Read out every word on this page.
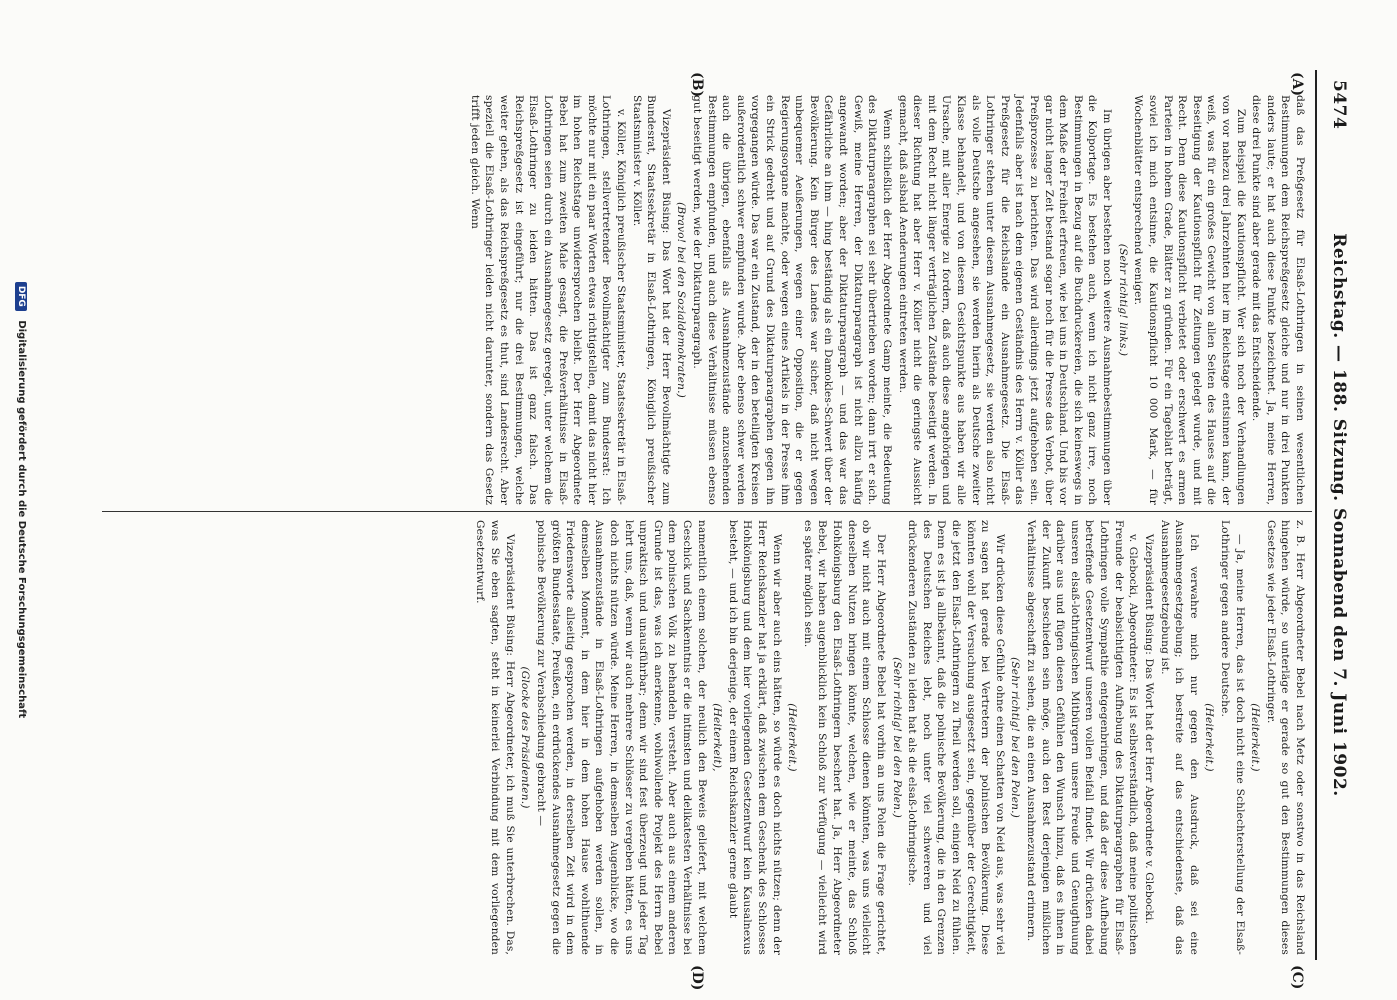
5474
Reichstag. — 188. Sitzung. Sonnabend den 7. Juni 1902.
(A)
(B)
(C)
(D)

daß das Preßgesetz für Elsaß-Lothringen in seinen wesentlichen Bestimmungen dem Reichspreßgesetz gleiche und nur in drei Punkten anders laute; er hat auch diese Punkte bezeichnet. Ja, meine Herren, diese drei Punkte sind aber gerade mit das Entscheidende.

Zum Beispiel die Kautionspflicht. Wer sich noch der Verhandlungen von vor nahezu drei Jahrzehnten hier im Reichstage entsinnen kann, der weiß, was für ein großes Gewicht von allen Seiten des Hauses auf die Beseitigung der Kautionspflicht für Zeitungen gelegt wurde, und mit Recht. Denn diese Kautionspflicht verbietet oder erschwert es armen Parteien in hohem Grade, Blätter zu gründen. Für ein Tageblatt beträgt, soviel ich mich entsinne, die Kautionspflicht 10 000 Mark, — für Wochenblätter entsprechend weniger.

(Sehr richtig! links.)

Im übrigen aber bestehen noch weitere Ausnahmebestimmungen über die Kolportage. Es bestehen auch, wenn ich nicht ganz irre, noch Bestimmungen in Bezug auf die Buchdruckereien, die sich keineswegs in dem Maße der Freiheit erfreuen, wie bei uns in Deutschland. Und bis vor gar nicht langer Zeit bestand sogar noch für die Presse das Verbot, über Preßprozesse zu berichten. Das wird allerdings jetzt aufgehoben sein. Jedenfalls aber ist nach dem eigenen Geständnis des Herrn v. Köller das Preßgesetz für die Reichslande ein Ausnahmegesetz. Die Elsaß-Lothringer stehen unter diesem Ausnahmegesetz, sie werden also nicht als volle Deutsche angesehen, sie werden hierin als Deutsche zweiter Klasse behandelt, und von diesem Gesichtspunkte aus haben wir alle Ursache, mit aller Energie zu fordern, daß auch diese angehörigen und mit dem Recht nicht länger verträglichen Zustände beseitigt werden. In dieser Richtung hat aber Herr v. Köller nicht die geringste Aussicht gemacht, daß alsbald Aenderungen eintreten werden.

Wenn schließlich der Herr Abgeordnete Gamp meinte, die Bedeutung des Diktaturparagraphen sei sehr übertrieben worden; dann irrt er sich. Gewiß, meine Herren, der Diktaturparagraph ist nicht allzu häufig angewandt worden; aber der Diktaturparagraph — und das war das Gefährliche an ihm — hing beständig als ein Damokles-Schwert über der Bevölkerung. Kein Bürger des Landes war sicher, daß nicht wegen unbequemer Aeußerungen, wegen einer Opposition, die er gegen Regierungsorgane machte, oder wegen eines Artikels in der Presse ihm ein Strick gedreht und auf Grund des Diktaturparagraphen gegen ihn vorgegangen würde. Das war ein Zustand, der in den beteiligten Kreisen außerordentlich schwer empfunden wurde. Aber ebenso schwer werden auch die übrigen, ebenfalls als Ausnahmezustände anzusehenden Bestimmungen empfunden, und auch diese Verhältnisse müssen ebenso gut beseitigt werden, wie der Diktaturparagraph.

(Bravo! bei den Sozialdemokraten.)

Vizepräsident Büsing: Das Wort hat der Herr Bevollmächtigte zum Bundesrat, Staatssekretär in Elsaß-Lothringen, Königlich preußischer Staatsminister v. Köller.

v. Köller, Königlich preußischer Staatsminister, Staatssekretär in Elsaß-Lothringen, stellvertretender Bevollmächtigter zum Bundesrat: Ich möchte nur mit ein paar Worten etwas richtigstellen, damit das nicht hier im hohen Reichstage unwidersprochen bleibt. Der Herr Abgeordnete Bebel hat zum zweiten Male gesagt, die Preßverhältnisse in Elsaß-Lothringen seien durch ein Ausnahmegesetz geregelt, unter welchem die Elsaß-Lothringer zu leiden hätten. Das ist ganz falsch. Das Reichspreßgesetz ist eingeführt; nur die drei Bestimmungen, welche weiter gehen, als das Reichspreßgesetz es thut, sind Landesrecht. Aber speziell die Elsaß-Lothringer leiden nicht darunter, sondern das Gesetz trifft jeden gleich. Wenn

z. B. Herr Abgeordneter Bebel nach Metz oder sonstwo in das Reichsland hingehen würde, so unterläge er gerade so gut den Bestimmungen dieses Gesetzes wie jeder Elsaß-Lothringer.

(Heiterkeit.)

— Ja, meine Herren, das ist doch nicht eine Schlechterstellung der Elsaß-Lothringer gegen andere Deutsche.

(Heiterkeit.)

Ich verwahre mich nur gegen den Ausdruck, daß sei eine Ausnahmegesetzgebung; ich bestreite auf das entschiedenste, daß das Ausnahmegesetzgebung ist.

Vizepräsident Büsing: Das Wort hat der Herr Abgeordnete v. Glebocki.

v. Glebocki, Abgeordneter: Es ist selbstverständlich, daß meine politischen Freunde der beabsichtigten Aufhebung des Diktaturparagraphen für Elsaß-Lothringen volle Sympathie entgegenbringen, und daß der diese Aufhebung betreffende Gesetzentwurf unseren vollen Beifall findet. Wir drücken dabei unseren elsaß-lothringischen Mitbürgern unsere Freude und Genugthuung darüber aus und fügen diesen Gefühlen den Wunsch hinzu, daß es ihnen in der Zukunft beschieden sein möge, auch den Rest derjenigen mißlichen Verhältnisse abgeschafft zu sehen, die an einen Ausnahmezustand erinnern.

(Sehr richtig! bei den Polen.)

Wir drücken diese Gefühle ohne einen Schatten von Neid aus, was sehr viel zu sagen hat gerade bei Vertretern der polnischen Bevölkerung. Diese könnten wohl der Versuchung ausgesetzt sein, gegenüber der Gerechtigkeit, die jetzt den Elsaß-Lothringern zu Theil werden soll, einigen Neid zu fühlen. Denn es ist ja allbekannt, daß die polnische Bevölkerung, die in den Grenzen des Deutschen Reiches lebt, noch unter viel schwereren und viel drückenderen Zuständen zu leiden hat als die elsaß-lothringische.

(Sehr richtig! bei den Polen.)

Der Herr Abgeordnete Bebel hat vorhin an uns Polen die Frage gerichtet, ob wir nicht auch mit einem Schlosse dienen könnten, was uns vielleicht denselben Nutzen bringen könnte, welchen, wie er meinte, das Schloß Hohkönigsburg den Elsaß-Lothringern beschert hat. Ja, Herr Abgeordneter Bebel, wir haben augenblicklich kein Schloß zur Verfügung — vielleicht wird es später möglich sein.

(Heiterkeit.)

Wenn wir aber auch eins hätten, so würde es doch nichts nützen; denn der Herr Reichskanzler hat ja erklärt, daß zwischen dem Geschenk des Schlosses Hohkönigsburg und dem hier vorliegenden Gesetzentwurf kein Kausalnexus besteht, — und ich bin derjenige, der einem Reichskanzler gerne glaubt

(Heiterkeit),

namentlich einem solchen, der neulich den Beweis geliefert, mit welchem Geschick und Sachkenntnis er die intimsten und delikatesten Verhältnisse bei dem polnischen Volk zu behandeln versteht. Aber auch aus einem anderen Grunde ist das, was ich anerkenne, wohlwollende Projekt des Herrn Bebel unpraktisch und unausführbar; denn wir sind fest überzeugt und jeder Tag lehrt uns, daß, wenn wir auch mehrere Schlösser zu vergeben hätten, es uns doch nichts nützen würde. Meine Herren, in demselben Augenblicke, wo die Ausnahmezustände in Elsaß-Lothringen aufgehoben werden sollen, in demselben Moment, in dem hier in dem hohen Hause wohlthuende Friedensworte allseitig gesprochen werden, in derselben Zeit wird in dem größten Bundesstaate, Preußen, ein erdrückendes Ausnahmegesetz gegen die polnische Bevölkerung zur Verabschiedung gebracht —

(Glocke des Präsidenten.)

Vizepräsident Büsing: Herr Abgeordneter, ich muß Sie unterbrechen. Das, was Sie eben sagten, steht in keinerlei Verbindung mit dem vorliegenden Gesetzentwurf.

DFG Digitalisierung gefördert durch die Deutsche Forschungsgemeinschaft
